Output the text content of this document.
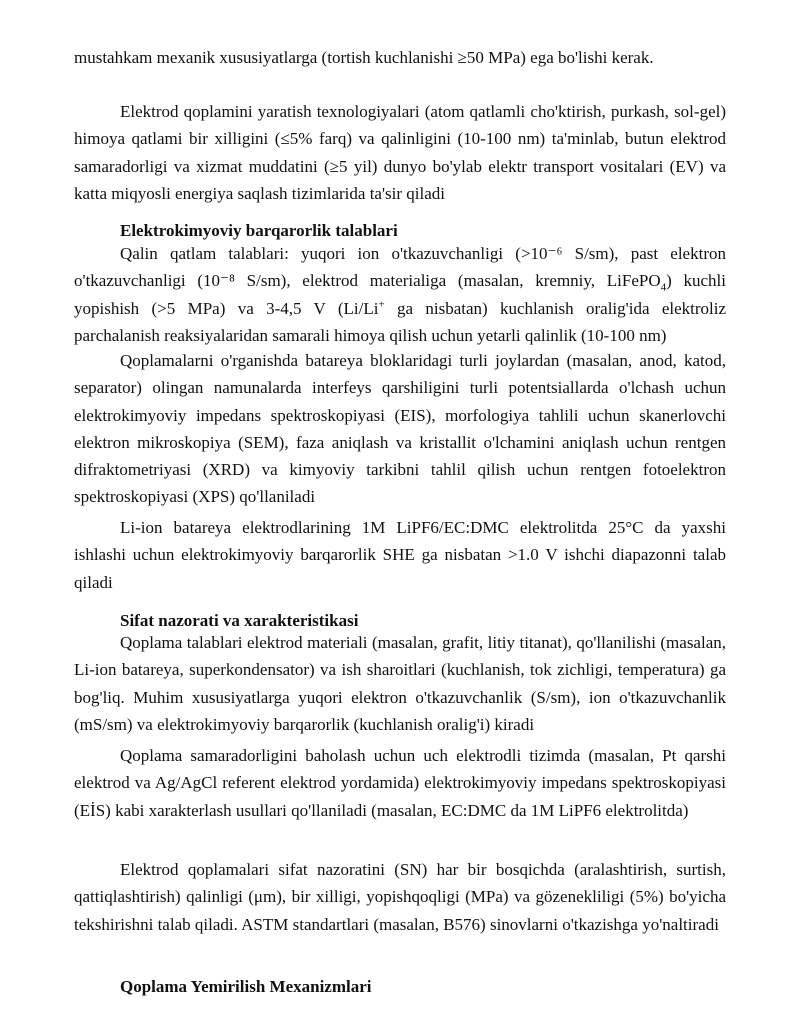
mustahkam mexanik xususiyatlarga (tortish kuchlanishi ≥50 MPa) ega bo'lishi kerak.

Elektrod qoplamini yaratish texnologiyalari (atom qatlamli cho'ktirish, purkash, sol-gel) himoya qatlami bir xilligini (≤5% farq) va qalinligini (10-100 nm) ta'minlab, butun elektrod samaradorligi va xizmat muddatini (≥5 yil) dunyo bo'ylab elektr transport vositalari (EV) va katta miqyosli energiya saqlash tizimlarida ta'sir qiladi

Elektrokimyoviy barqarorlik talablari

Qalin qatlam talablari: yuqori ion o'tkazuvchanligi (>10⁻⁶ S/sm), past elektron o'tkazuvchanligi (10⁻⁸ S/sm), elektrod materialiga (masalan, kremniy, LiFePO$_4$) kuchli yopishish (>5 MPa) va 3-4,5 V (Li/Li+ ga nisbatan) kuchlanish oralig'ida elektroliz parchalanish reaksiyalaridan samarali himoya qilish uchun yetarli qalinlik (10-100 nm)

Qoplamalarni o'rganishda batareya bloklaridagi turli joylardan (masalan, anod, katod, separator) olingan namunalarda interfeys qarshiligini turli potentsiallarda o'lchash uchun elektrokimyoviy impedans spektroskopiyasi (EIS), morfologiya tahlili uchun skanerlovchi elektron mikroskopiya (SEM), faza aniqlash va kristallit o'lchamini aniqlash uchun rentgen difraktometriyasi (XRD) va kimyoviy tarkibni tahlil qilish uchun rentgen fotoelektron spektroskopiyasi (XPS) qo'llaniladi

Li-ion batareya elektrodlarining 1M LiPF6/EC:DMC elektrolitda 25°C da yaxshi ishlashi uchun elektrokimyoviy barqarorlik SHE ga nisbatan >1.0 V ishchi diapazonni talab qiladi

Sifat nazorati va xarakteristikasi

Qoplama talablari elektrod materiali (masalan, grafit, litiy titanat), qo'llanilishi (masalan, Li-ion batareya, superkondensator) va ish sharoitlari (kuchlanish, tok zichligi, temperatura) ga bog'liq. Muhim xususiyatlarga yuqori elektron o'tkazuvchanlik (S/sm), ion o'tkazuvchanlik (mS/sm) va elektrokimyoviy barqarorlik (kuchlanish oralig'i) kiradi

Qoplama samaradorligini baholash uchun uch elektrodli tizimda (masalan, Pt qarshi elektrod va Ag/AgCl referent elektrod yordamida) elektrokimyoviy impedans spektroskopiyasi (EİS) kabi xarakterlash usullari qo'llaniladi (masalan, EC:DMC da 1M LiPF6 elektrolitda)

Elektrod qoplamalari sifat nazoratini (SN) har bir bosqichda (aralashtirish, surtish, qattiqlashtirish) qalinligi (μm), bir xilligi, yopishqoqligi (MPa) va gözenekliligi (5%) bo'yicha tekshirishni talab qiladi. ASTM standartlari (masalan, B576) sinovlarni o'tkazishga yo'naltiradi

Qoplama Yemirilish Mexanizmlari
